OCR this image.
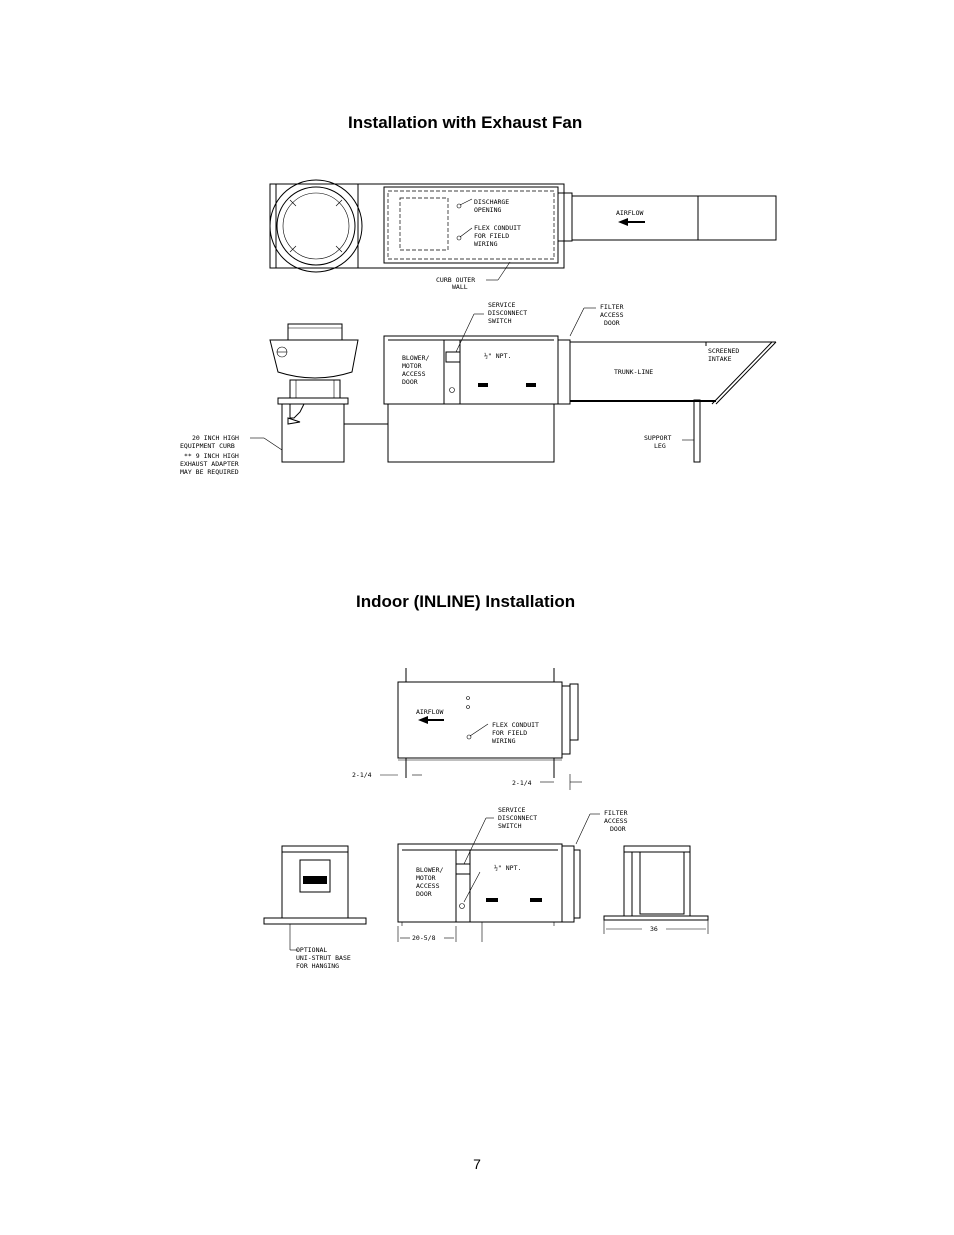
Installation with Exhaust Fan
Indoor (INLINE) Installation
AIRFLOW
DISCHARGE
OPENING
FLEX CONDUIT
FOR FIELD
WIRING
CURB OUTER
WALL
BLOWER/
MOTOR
ACCESS
DOOR
½" NPT.
SERVICE
DISCONNECT
SWITCH
FILTER
ACCESS
DOOR
TRUNK-LINE
SCREENED
INTAKE
SUPPORT
LEG
20 INCH HIGH
EQUIPMENT CURB
** 9 INCH HIGH
EXHAUST ADAPTER
MAY BE REQUIRED
AIRFLOW
FLEX CONDUIT
FOR FIELD
WIRING
2-1/4
2-1/4
OPTIONAL
UNI-STRUT BASE
FOR HANGING
BLOWER/
MOTOR
ACCESS
DOOR
½" NPT.
SERVICE
DISCONNECT
SWITCH
FILTER
ACCESS
DOOR
20-5/8
36
7
